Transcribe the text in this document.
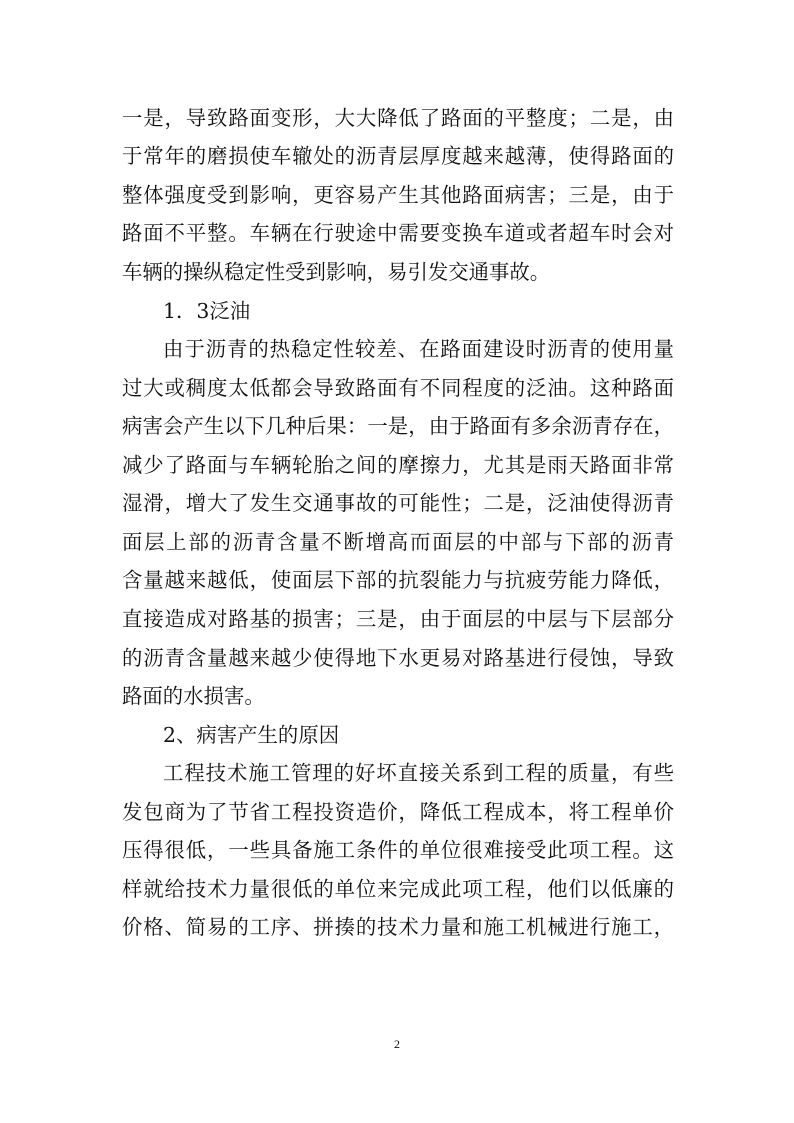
一是，导致路面变形，大大降低了路面的平整度；二是，由
于常年的磨损使车辙处的沥青层厚度越来越薄，使得路面的
整体强度受到影响，更容易产生其他路面病害；三是，由于
路面不平整。车辆在行驶途中需要变换车道或者超车时会对
车辆的操纵稳定性受到影响，易引发交通事故。
1．3泛油
由于沥青的热稳定性较差、在路面建设时沥青的使用量
过大或稠度太低都会导致路面有不同程度的泛油。这种路面
病害会产生以下几种后果：一是，由于路面有多余沥青存在，
减少了路面与车辆轮胎之间的摩擦力，尤其是雨天路面非常
湿滑，增大了发生交通事故的可能性；二是，泛油使得沥青
面层上部的沥青含量不断增高而面层的中部与下部的沥青
含量越来越低，使面层下部的抗裂能力与抗疲劳能力降低，
直接造成对路基的损害；三是，由于面层的中层与下层部分
的沥青含量越来越少使得地下水更易对路基进行侵蚀，导致
路面的水损害。
2、病害产生的原因
工程技术施工管理的好坏直接关系到工程的质量，有些
发包商为了节省工程投资造价，降低工程成本，将工程单价
压得很低，一些具备施工条件的单位很难接受此项工程。这
样就给技术力量很低的单位来完成此项工程，他们以低廉的
价格、简易的工序、拼揍的技术力量和施工机械进行施工，
2
